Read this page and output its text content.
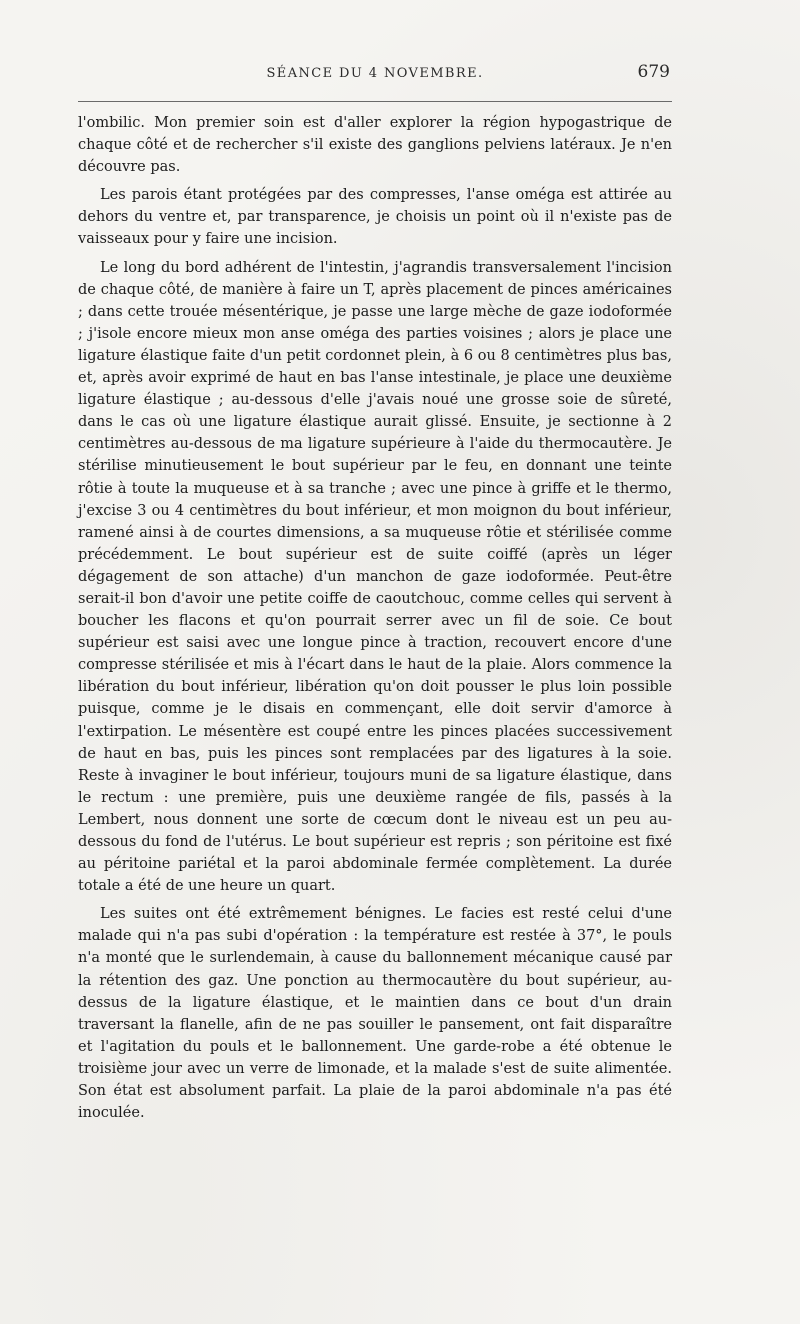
SÉANCE DU 4 NOVEMBRE.	679

l'ombilic. Mon premier soin est d'aller explorer la région hypogastrique de chaque côté et de rechercher s'il existe des ganglions pelviens latéraux. Je n'en découvre pas.

Les parois étant protégées par des compresses, l'anse oméga est attirée au dehors du ventre et, par transparence, je choisis un point où il n'existe pas de vaisseaux pour y faire une incision.

Le long du bord adhérent de l'intestin, j'agrandis transversalement l'incision de chaque côté, de manière à faire un T, après placement de pinces américaines ; dans cette trouée mésentérique, je passe une large mèche de gaze iodoformée ; j'isole encore mieux mon anse oméga des parties voisines ; alors je place une ligature élastique faite d'un petit cordonnet plein, à 6 ou 8 centimètres plus bas, et, après avoir exprimé de haut en bas l'anse intestinale, je place une deuxième ligature élastique ; au-dessous d'elle j'avais noué une grosse soie de sûreté, dans le cas où une ligature élastique aurait glissé. Ensuite, je sectionne à 2 centimètres au-dessous de ma ligature supérieure à l'aide du thermocautère. Je stérilise minutieusement le bout supérieur par le feu, en donnant une teinte rôtie à toute la muqueuse et à sa tranche ; avec une pince à griffe et le thermo, j'excise 3 ou 4 centimètres du bout inférieur, et mon moignon du bout inférieur, ramené ainsi à de courtes dimensions, a sa muqueuse rôtie et stérilisée comme précédemment. Le bout supérieur est de suite coiffé (après un léger dégagement de son attache) d'un manchon de gaze iodoformée. Peut-être serait-il bon d'avoir une petite coiffe de caoutchouc, comme celles qui servent à boucher les flacons et qu'on pourrait serrer avec un fil de soie. Ce bout supérieur est saisi avec une longue pince à traction, recouvert encore d'une compresse stérilisée et mis à l'écart dans le haut de la plaie. Alors commence la libération du bout inférieur, libération qu'on doit pousser le plus loin possible puisque, comme je le disais en commençant, elle doit servir d'amorce à l'extirpation. Le mésentère est coupé entre les pinces placées successivement de haut en bas, puis les pinces sont remplacées par des ligatures à la soie. Reste à invaginer le bout inférieur, toujours muni de sa ligature élastique, dans le rectum : une première, puis une deuxième rangée de fils, passés à la Lembert, nous donnent une sorte de cœcum dont le niveau est un peu au-dessous du fond de l'utérus. Le bout supérieur est repris ; son péritoine est fixé au péritoine pariétal et la paroi abdominale fermée complètement. La durée totale a été de une heure un quart.

Les suites ont été extrêmement bénignes. Le facies est resté celui d'une malade qui n'a pas subi d'opération : la température est restée à 37°, le pouls n'a monté que le surlendemain, à cause du ballonnement mécanique causé par la rétention des gaz. Une ponction au thermocautère du bout supérieur, au-dessus de la ligature élastique, et le maintien dans ce bout d'un drain traversant la flanelle, afin de ne pas souiller le pansement, ont fait disparaître et l'agitation du pouls et le ballonnement. Une garde-robe a été obtenue le troisième jour avec un verre de limonade, et la malade s'est de suite alimentée. Son état est absolument parfait. La plaie de la paroi abdominale n'a pas été inoculée.
